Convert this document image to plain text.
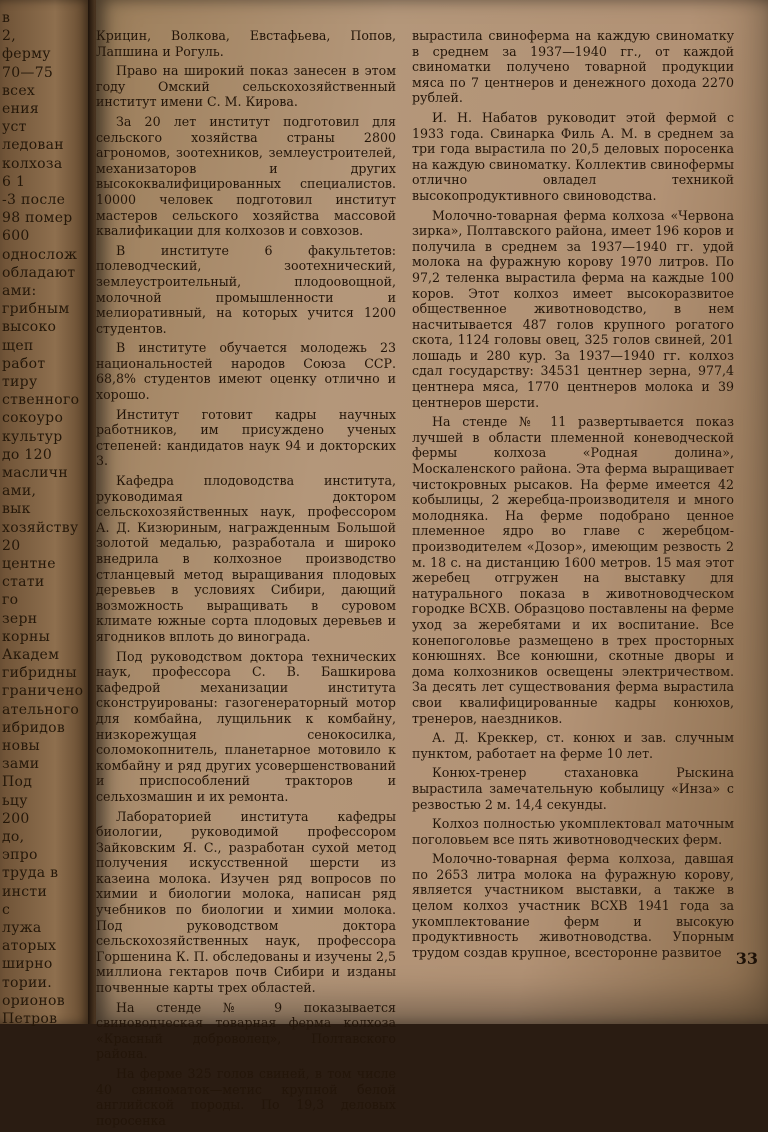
в
2,
ферму
70—75
всех
ения
уст
ледован
колхоза
6 1
-3 после
98 помер
600
однослож
обладают
ами:
грибным
высоко
щеп
работ
тиру
ственного
сокоуро
культур
до 120
масличн
ами,
вык
хозяйству
20
центне
стати
го
зерн
корны
Академ
гибридны
граничено
ательного
ибридов
новы
зами
Под
ьцу
200
до,
эпро
труда в
инсти
с
лужа
аторых
ширно
тории.
орионов
Петров

Крицин, Волкова, Евстафьева, Попов, Лапшина и Рогуль.

Право на широкий показ занесен в этом году Омский сельскохозяйственный институт имени С. М. Кирова.

За 20 лет институт подготовил для сельского хозяйства страны 2800 агрономов, зоотехников, землеустроителей, механизаторов и других высококвалифицированных специалистов. 10000 человек подготовил институт мастеров сельского хозяйства массовой квалификации для колхозов и совхозов.

В институте 6 факультетов: полеводческий, зоотехнический, землеустроительный, плодоовощной, молочной промышленности и мелиоративный, на которых учится 1200 студентов.

В институте обучается молодежь 23 национальностей народов Союза ССР. 68,8% студентов имеют оценку отлично и хорошо.

Институт готовит кадры научных работников, им присуждено ученых степеней: кандидатов наук 94 и докторских 3.

Кафедра плодоводства института, руководимая доктором сельскохозяйственных наук, профессором А. Д. Кизюриным, награжденным Большой золотой медалью, разработала и широко внедрила в колхозное производство стланцевый метод выращивания плодовых деревьев в условиях Сибири, дающий возможность выращивать в суровом климате южные сорта плодовых деревьев и ягодников вплоть до винограда.

Под руководством доктора технических наук, профессора С. В. Башкирова кафедрой механизации института сконструированы: газогенераторный мотор для комбайна, лущильник к комбайну, низкорежущая сенокосилка, соломокопнитель, планетарное мотовило к комбайну и ряд других усовершенствований и приспособлений тракторов и сельхозмашин и их ремонта.

Лабораторией института кафедры биологии, руководимой профессором Зайковским Я. С., разработан сухой метод получения искусственной шерсти из казеина молока. Изучен ряд вопросов по химии и биологии молока, написан ряд учебников по биологии и химии молока. Под руководством доктора сельскохозяйственных наук, профессора Горшенина К. П. обследованы и изучены 2,5 миллиона гектаров почв Сибири и изданы почвенные карты трех областей.

На стенде № 9 показывается свиноводческая товарная ферма колхоза «Красный доброволец», Полтавского района.

На ферме 325 голов свиней, в том числе 40 свиноматок—метис крупной белой английской породы. По 19,3 деловых поросенка

вырастила свиноферма на каждую свиноматку в среднем за 1937—1940 гг., от каждой свиноматки получено товарной продукции мяса по 7 центнеров и денежного дохода 2270 рублей.

И. Н. Набатов руководит этой фермой с 1933 года. Свинарка Филь А. М. в среднем за три года вырастила по 20,5 деловых поросенка на каждую свиноматку. Коллектив свинофермы отлично овладел техникой высокопродуктивного свиноводства.

Молочно-товарная ферма колхоза «Червона зирка», Полтавского района, имеет 196 коров и получила в среднем за 1937—1940 гг. удой молока на фуражную корову 1970 литров. По 97,2 теленка вырастила ферма на каждые 100 коров. Этот колхоз имеет высокоразвитое общественное животноводство, в нем насчитывается 487 голов крупного рогатого скота, 1124 головы овец, 325 голов свиней, 201 лошадь и 280 кур. За 1937—1940 гг. колхоз сдал государству: 34531 центнер зерна, 977,4 центнера мяса, 1770 центнеров молока и 39 центнеров шерсти.

На стенде № 11 развертывается показ лучшей в области племенной коневодческой фермы колхоза «Родная долина», Москаленского района. Эта ферма выращивает чистокровных рысаков. На ферме имеется 42 кобылицы, 2 жеребца-производителя и много молодняка. На ферме подобрано ценное племенное ядро во главе с жеребцом-производителем «Дозор», имеющим резвость 2 м. 18 с. на дистанцию 1600 метров. 15 мая этот жеребец отгружен на выставку для натурального показа в животноводческом городке ВСХВ. Образцово поставлены на ферме уход за жеребятами и их воспитание. Все конепоголовье размещено в трех просторных конюшнях. Все конюшни, скотные дворы и дома колхозников освещены электричеством. За десять лет существования ферма вырастила свои квалифицированные кадры конюхов, тренеров, наездников.

А. Д. Креккер, ст. конюх и зав. случным пунктом, работает на ферме 10 лет.

Конюх-тренер стахановка Рыскина вырастила замечательную кобылицу «Инза» с резвостью 2 м. 14,4 секунды.

Колхоз полностью укомплектовал маточным поголовьем все пять животноводческих ферм.

Молочно-товарная ферма колхоза, давшая по 2653 литра молока на фуражную корову, является участником выставки, а также в целом колхоз участник ВСХВ 1941 года за укомплектование ферм и высокую продуктивность животноводства. Упорным трудом создав крупное, всесторонне развитое 33
